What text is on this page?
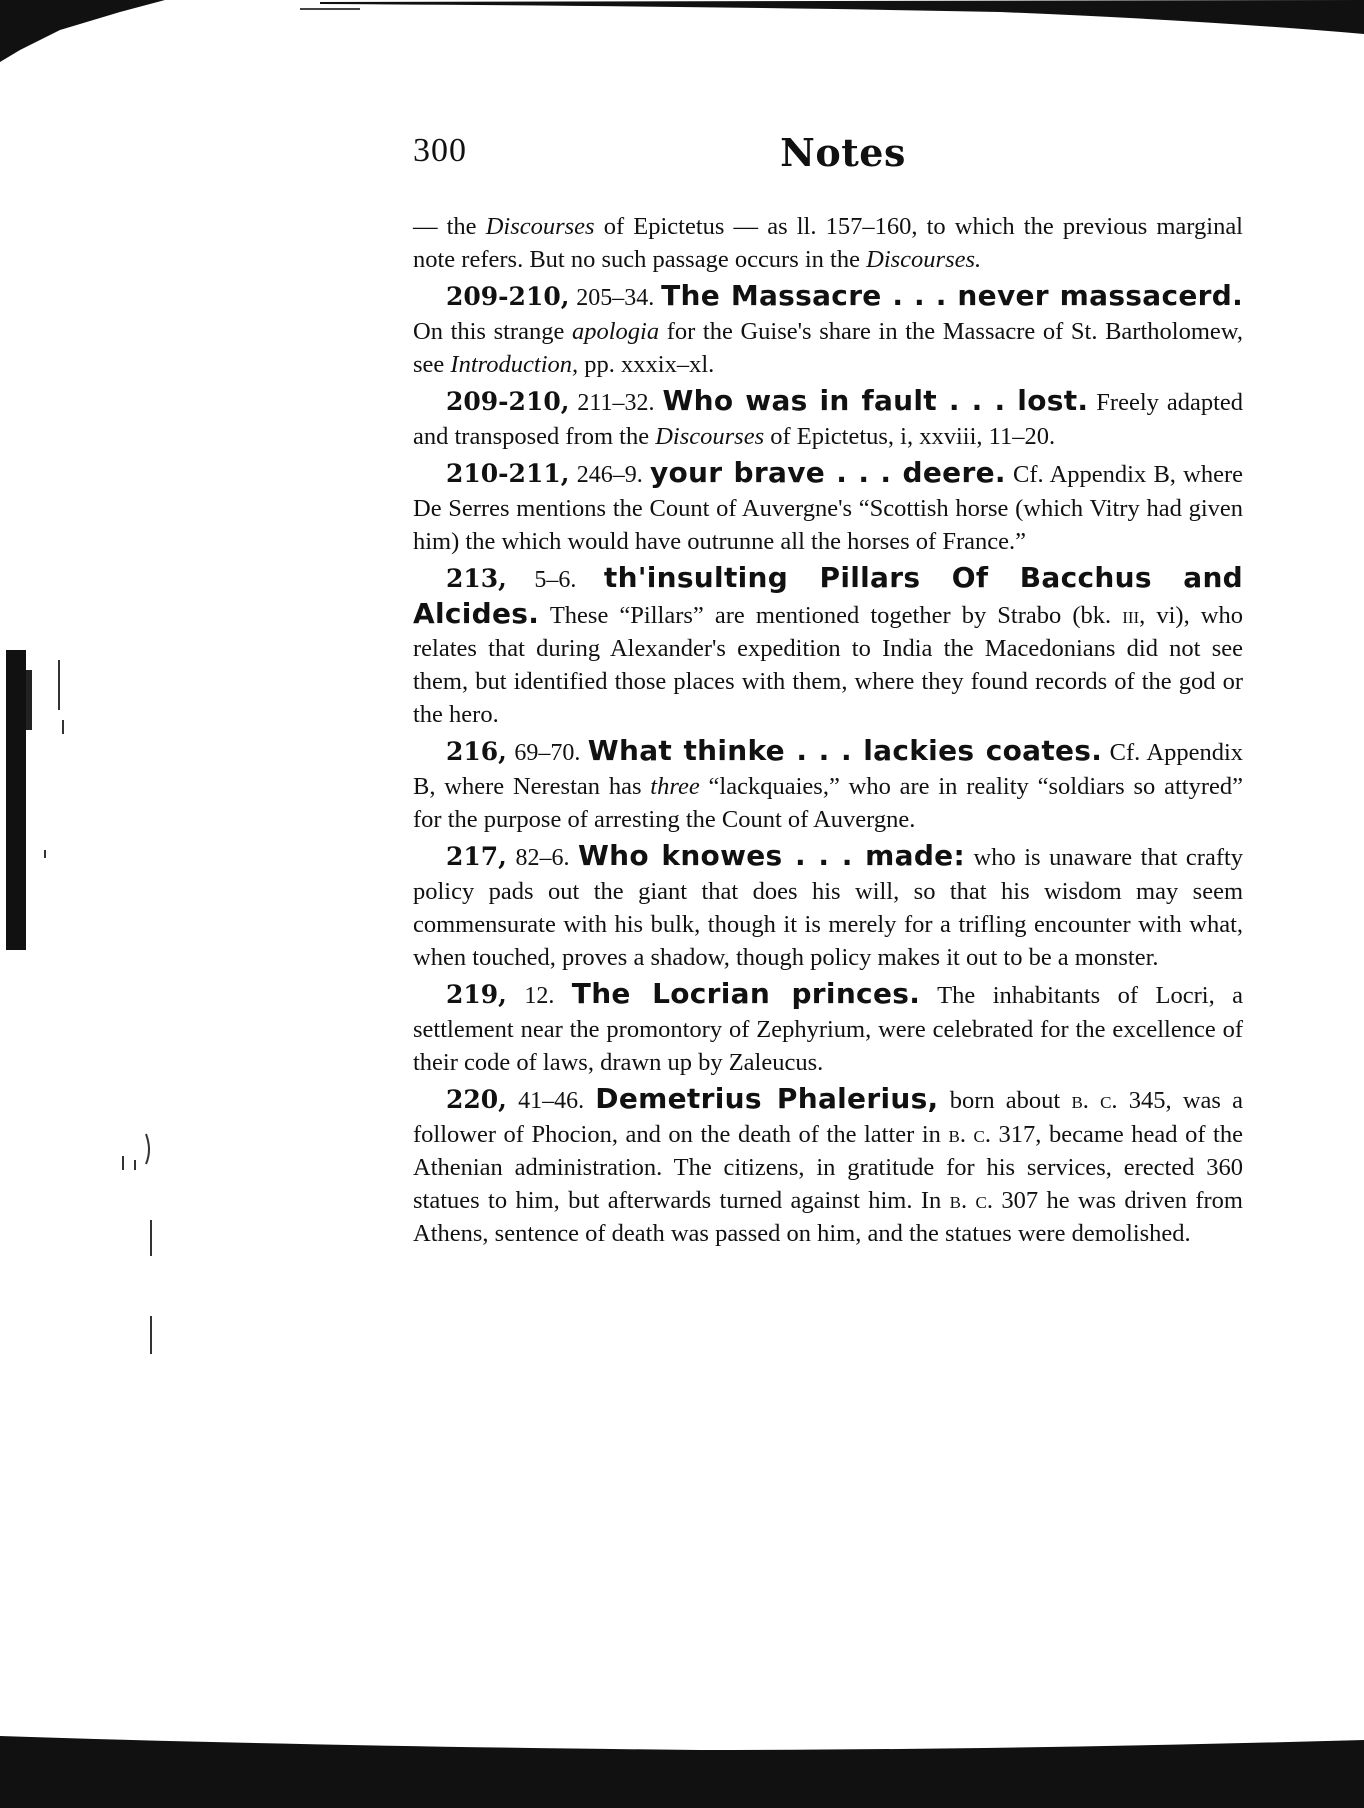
300	Notes

— the Discourses of Epictetus — as ll. 157–160, to which the previous marginal note refers. But no such passage occurs in the Discourses.

209-210, 205–34. The Massacre . . . never massacerd. On this strange apologia for the Guise's share in the Massacre of St. Bartholomew, see Introduction, pp. xxxix–xl.

209-210, 211–32. Who was in fault . . . lost. Freely adapted and transposed from the Discourses of Epictetus, i, xxviii, 11–20.

210-211, 246–9. your brave . . . deere. Cf. Appendix B, where De Serres mentions the Count of Auvergne's “Scottish horse (which Vitry had given him) the which would have outrunne all the horses of France.”

213, 5–6. th'insulting Pillars Of Bacchus and Alcides. These “Pillars” are mentioned together by Strabo (bk. iii, vi), who relates that during Alexander's expedition to India the Macedonians did not see them, but identified those places with them, where they found records of the god or the hero.

216, 69–70. What thinke . . . lackies coates. Cf. Appendix B, where Nerestan has three “lackquaies,” who are in reality “soldiars so attyred” for the purpose of arresting the Count of Auvergne.

217, 82–6. Who knowes . . . made: who is unaware that crafty policy pads out the giant that does his will, so that his wisdom may seem commensurate with his bulk, though it is merely for a trifling encounter with what, when touched, proves a shadow, though policy makes it out to be a monster.

219, 12. The Locrian princes. The inhabitants of Locri, a settlement near the promontory of Zephyrium, were celebrated for the excellence of their code of laws, drawn up by Zaleucus.

220, 41–46. Demetrius Phalerius, born about b. c. 345, was a follower of Phocion, and on the death of the latter in b. c. 317, became head of the Athenian administration. The citizens, in gratitude for his services, erected 360 statues to him, but afterwards turned against him. In b. c. 307 he was driven from Athens, sentence of death was passed on him, and the statues were demolished.
